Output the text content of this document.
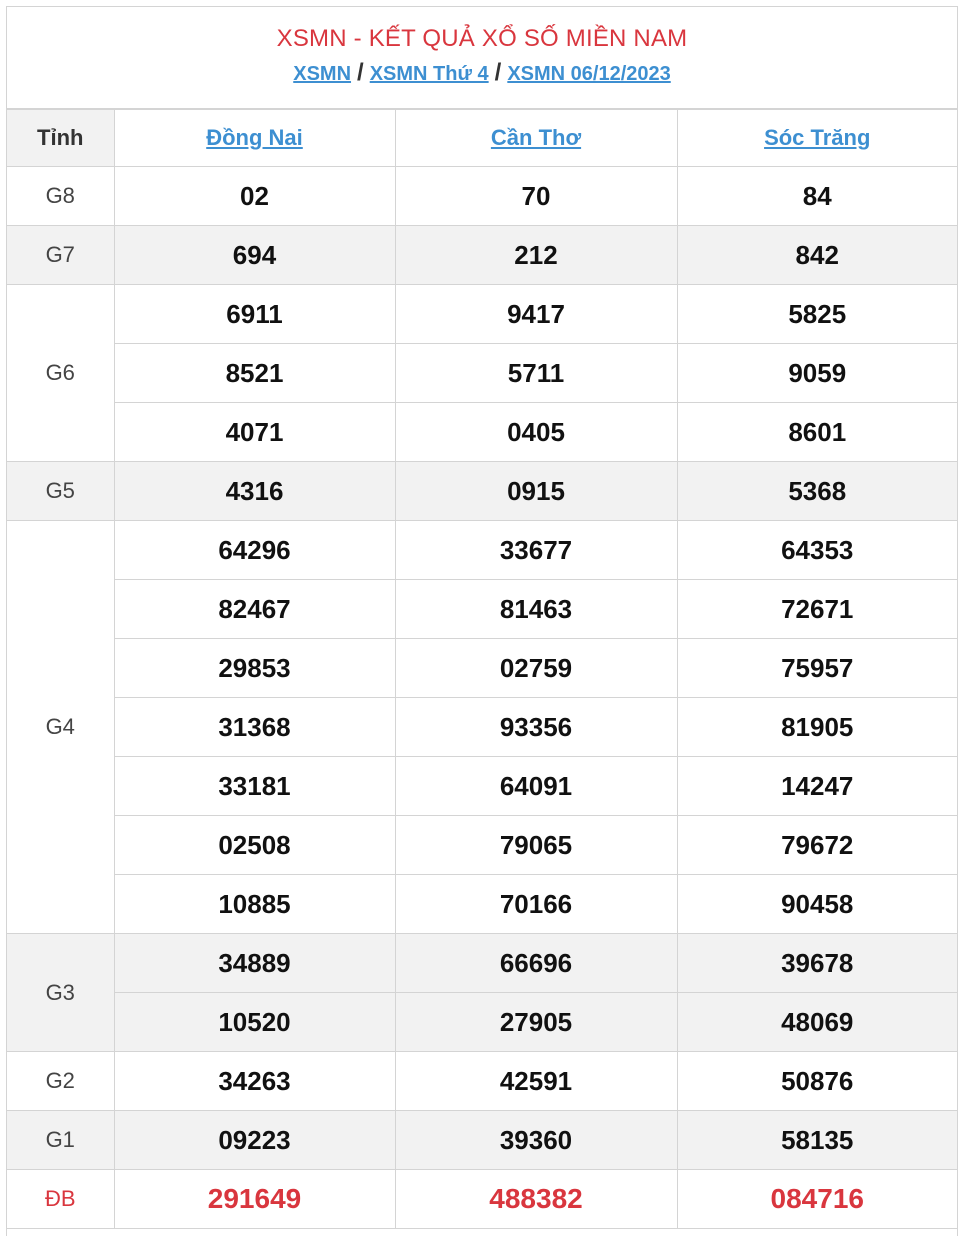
XSMN - KẾT QUẢ XỔ SỐ MIỀN NAM
XSMN / XSMN Thứ 4 / XSMN 06/12/2023
Tỉnh	Đồng Nai	Cần Thơ	Sóc Trăng
G8	02	70	84
G7	694	212	842
G6	6911	9417	5825
	8521	5711	9059
	4071	0405	8601
G5	4316	0915	5368
G4	64296	33677	64353
	82467	81463	72671
	29853	02759	75957
	31368	93356	81905
	33181	64091	14247
	02508	79065	79672
	10885	70166	90458
G3	34889	66696	39678
	10520	27905	48069
G2	34263	42591	50876
G1	09223	39360	58135
ĐB	291649	488382	084716
